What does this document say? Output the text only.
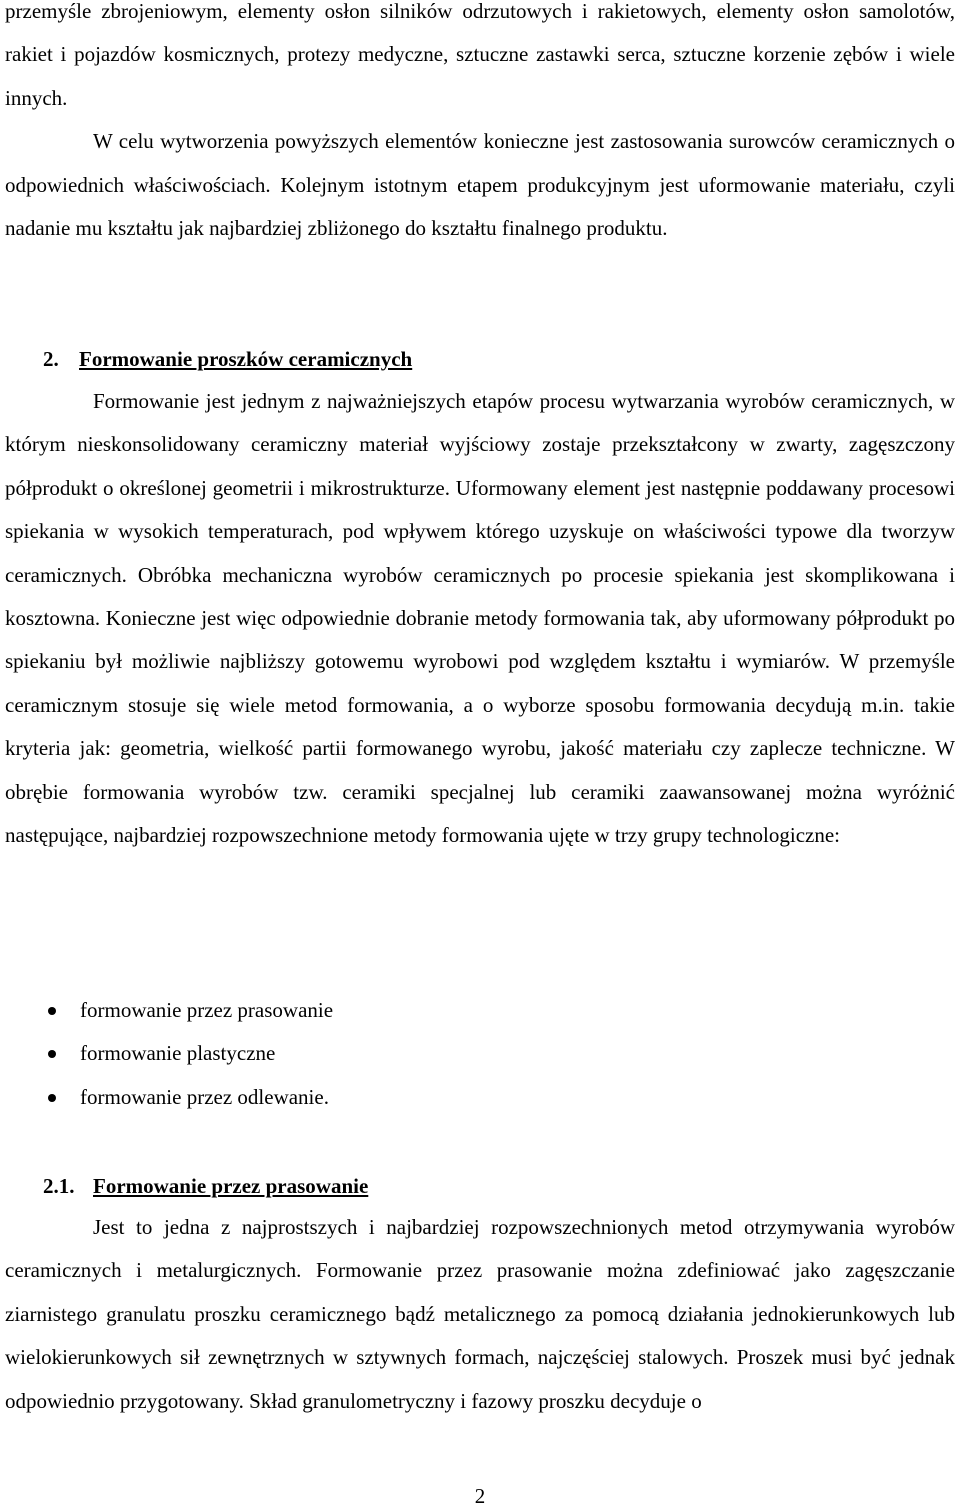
przemyśle zbrojeniowym, elementy osłon silników odrzutowych i rakietowych, elementy osłon samolotów, rakiet i pojazdów kosmicznych, protezy medyczne, sztuczne zastawki serca, sztuczne korzenie zębów i wiele innych.

W celu wytworzenia powyższych elementów konieczne jest zastosowania surowców ceramicznych o odpowiednich właściwościach. Kolejnym istotnym etapem produkcyjnym jest uformowanie materiału, czyli nadanie mu kształtu jak najbardziej zbliżonego do kształtu finalnego produktu.

2. Formowanie proszków ceramicznych

Formowanie jest jednym z najważniejszych etapów procesu wytwarzania wyrobów ceramicznych, w którym nieskonsolidowany ceramiczny materiał wyjściowy zostaje przekształcony w zwarty, zagęszczony półprodukt o określonej geometrii i mikrostrukturze. Uformowany element jest następnie poddawany procesowi spiekania w wysokich temperaturach, pod wpływem którego uzyskuje on właściwości typowe dla tworzyw ceramicznych. Obróbka mechaniczna wyrobów ceramicznych po procesie spiekania jest skomplikowana i kosztowna. Konieczne jest więc odpowiednie dobranie metody formowania tak, aby uformowany półprodukt po spiekaniu był możliwie najbliższy gotowemu wyrobowi pod względem kształtu i wymiarów. W przemyśle ceramicznym stosuje się wiele metod formowania, a o wyborze sposobu formowania decydują m.in. takie kryteria jak: geometria, wielkość partii formowanego wyrobu, jakość materiału czy zaplecze techniczne. W obrębie formowania wyrobów tzw. ceramiki specjalnej lub ceramiki zaawansowanej można wyróżnić następujące, najbardziej rozpowszechnione metody formowania ujęte w trzy grupy technologiczne:

formowanie przez prasowanie
formowanie plastyczne
formowanie przez odlewanie.
2.1. Formowanie przez prasowanie

Jest to jedna z najprostszych i najbardziej rozpowszechnionych metod otrzymywania wyrobów ceramicznych i metalurgicznych. Formowanie przez prasowanie można zdefiniować jako zagęszczanie ziarnistego granulatu proszku ceramicznego bądź metalicznego za pomocą działania jednokierunkowych lub wielokierunkowych sił zewnętrznych w sztywnych formach, najczęściej stalowych. Proszek musi być jednak odpowiednio przygotowany. Skład granulometryczny i fazowy proszku decyduje o

2
